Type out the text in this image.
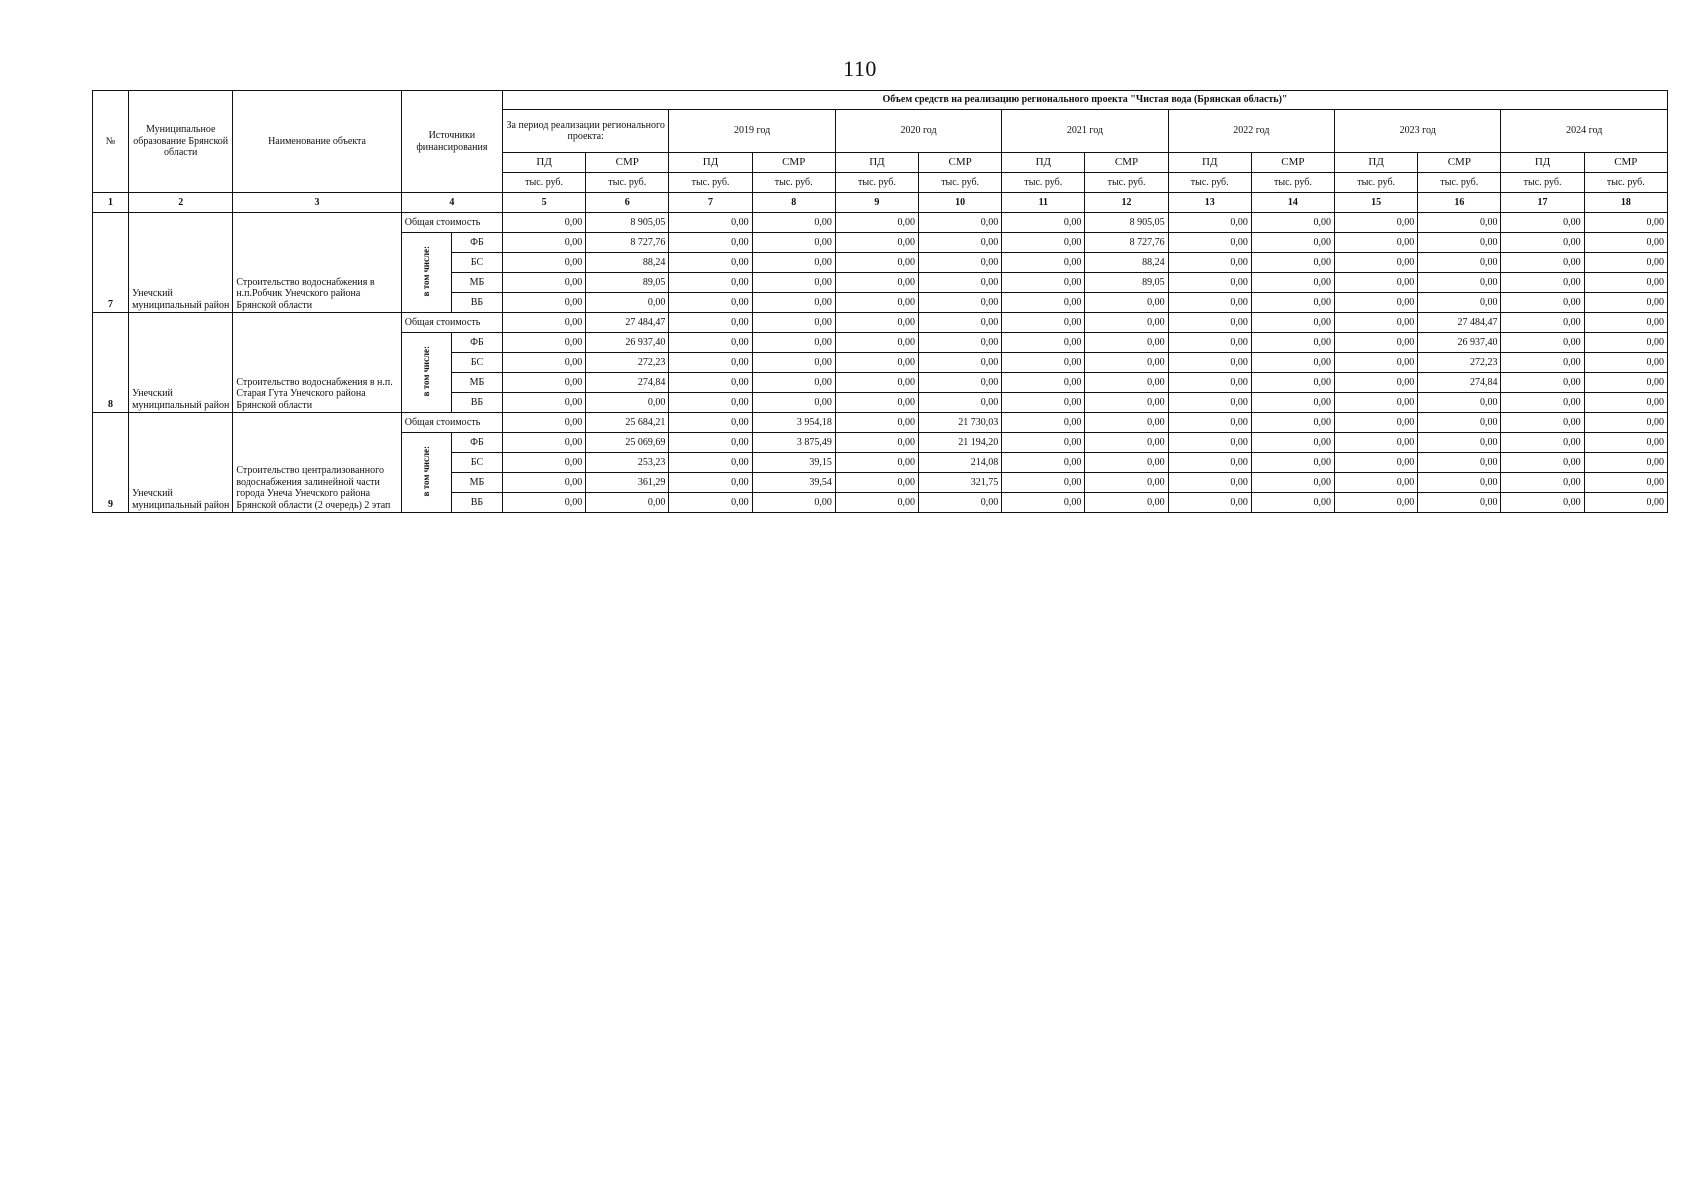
110
№	Муниципальное образование Брянской области	Наименование объекта	Источники финансирования		Объем средств на реализацию регионального проекта "Чистая вода (Брянская область)"													
					За период реализации регионального проекта:		2019 год		2020 год		2021 год		2022 год		2023 год		2024 год	
					ПД	СМР	ПД	СМР	ПД	СМР	ПД	СМР	ПД	СМР	ПД	СМР	ПД	СМР
					тыс. руб.	тыс. руб.	тыс. руб.	тыс. руб.	тыс. руб.	тыс. руб.	тыс. руб.	тыс. руб.	тыс. руб.	тыс. руб.	тыс. руб.	тыс. руб.	тыс. руб.	тыс. руб.
1	2	3	4		5	6	7	8	9	10	11	12	13	14	15	16	17	18

7	Унечский муниципальный район	Строительство водоснабжения в н.п.Робчик Унечского района Брянской области	Общая стоимость		0,00	8 905,05	0,00	0,00	0,00	0,00	0,00	8 905,05	0,00	0,00	0,00	0,00	0,00	0,00
			в том числе:	ФБ	0,00	8 727,76	0,00	0,00	0,00	0,00	0,00	8 727,76	0,00	0,00	0,00	0,00	0,00	0,00
				БС	0,00	88,24	0,00	0,00	0,00	0,00	0,00	88,24	0,00	0,00	0,00	0,00	0,00	0,00
				МБ	0,00	89,05	0,00	0,00	0,00	0,00	0,00	89,05	0,00	0,00	0,00	0,00	0,00	0,00
				ВБ	0,00	0,00	0,00	0,00	0,00	0,00	0,00	0,00	0,00	0,00	0,00	0,00	0,00	0,00

8	Унечский муниципальный район	Строительство водоснабжения в н.п. Старая Гута Унечского района Брянской области	Общая стоимость		0,00	27 484,47	0,00	0,00	0,00	0,00	0,00	0,00	0,00	0,00	0,00	27 484,47	0,00	0,00
			в том числе:	ФБ	0,00	26 937,40	0,00	0,00	0,00	0,00	0,00	0,00	0,00	0,00	0,00	26 937,40	0,00	0,00
				БС	0,00	272,23	0,00	0,00	0,00	0,00	0,00	0,00	0,00	0,00	0,00	272,23	0,00	0,00
				МБ	0,00	274,84	0,00	0,00	0,00	0,00	0,00	0,00	0,00	0,00	0,00	274,84	0,00	0,00
				ВБ	0,00	0,00	0,00	0,00	0,00	0,00	0,00	0,00	0,00	0,00	0,00	0,00	0,00	0,00

9	Унечский муниципальный район	Строительство централизованного водоснабжения залинейной части города Унеча Унечского района Брянской области (2 очередь) 2 этап	Общая стоимость		0,00	25 684,21	0,00	3 954,18	0,00	21 730,03	0,00	0,00	0,00	0,00	0,00	0,00	0,00	0,00
			в том числе:	ФБ	0,00	25 069,69	0,00	3 875,49	0,00	21 194,20	0,00	0,00	0,00	0,00	0,00	0,00	0,00	0,00
				БС	0,00	253,23	0,00	39,15	0,00	214,08	0,00	0,00	0,00	0,00	0,00	0,00	0,00	0,00
				МБ	0,00	361,29	0,00	39,54	0,00	321,75	0,00	0,00	0,00	0,00	0,00	0,00	0,00	0,00
				ВБ	0,00	0,00	0,00	0,00	0,00	0,00	0,00	0,00	0,00	0,00	0,00	0,00	0,00	0,00
